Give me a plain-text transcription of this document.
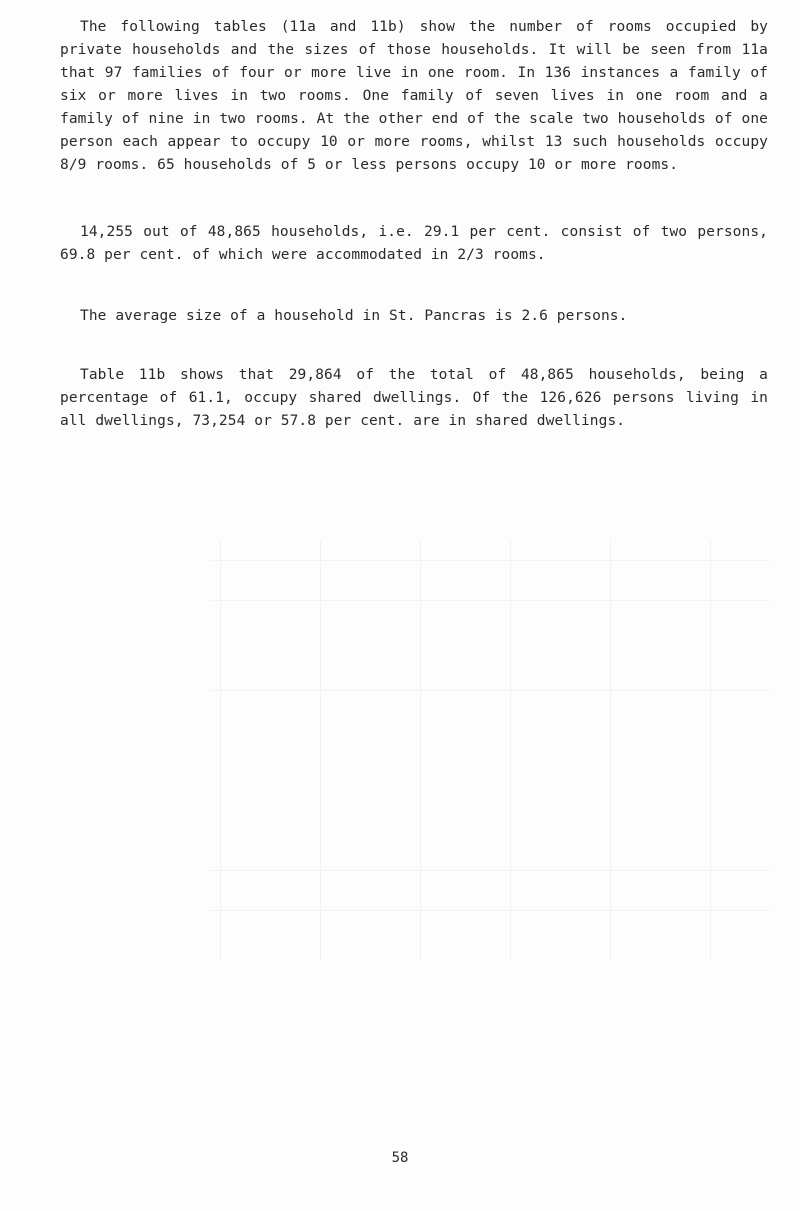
The following tables (11a and 11b) show the number of rooms occupied by private households and the sizes of those households. It will be seen from 11a that 97 families of four or more live in one room. In 136 instances a family of six or more lives in two rooms. One family of seven lives in one room and a family of nine in two rooms. At the other end of the scale two households of one person each appear to occupy 10 or more rooms, whilst 13 such households occupy 8/9 rooms. 65 households of 5 or less persons occupy 10 or more rooms.

14,255 out of 48,865 households, i.e. 29.1 per cent. consist of two persons, 69.8 per cent. of which were accommodated in 2/3 rooms.

The average size of a household in St. Pancras is 2.6 persons.

Table 11b shows that 29,864 of the total of 48,865 households, being a percentage of 61.1, occupy shared dwellings. Of the 126,626 persons living in all dwellings, 73,254 or 57.8 per cent. are in shared dwellings.

58
